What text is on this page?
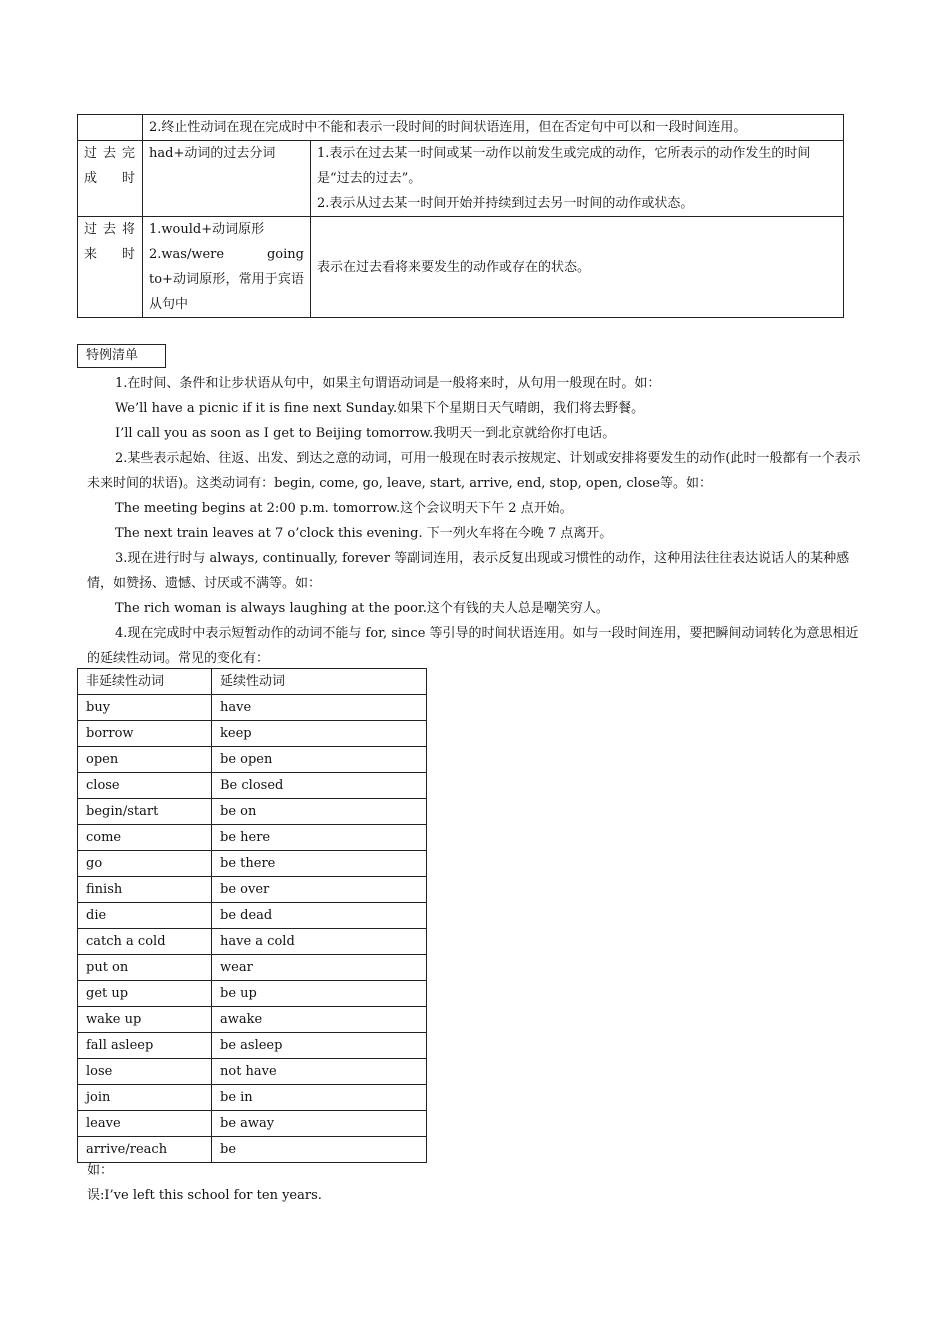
	2.终止性动词在现在完成时中不能和表示一段时间的时间状语连用，但在否定句中可以和一段时间连用。	

过去完成时	had+动词的过去分词	1.表示在过去某一时间或某一动作以前发生或完成的动作，它所表示的动作发生的时间是“过去的过去”。
2.表示从过去某一时间开始并持续到过去另一时间的动作或状态。

过去将来时	1.would+动词原形
2.was/were going to+动词原形，常用于宾语从句中	表示在过去看将来要发生的动作或存在的状态。
特例清单
1.在时间、条件和让步状语从句中，如果主句谓语动词是一般将来时，从句用一般现在时。如：
We’ll have a picnic if it is fine next Sunday.如果下个星期日天气晴朗，我们将去野餐。
I’ll call you as soon as I get to Beijing tomorrow.我明天一到北京就给你打电话。
2.某些表示起始、往返、出发、到达之意的动词，可用一般现在时表示按规定、计划或安排将要发生的动作(此时一般都有一个表示未来时间的状语)。这类动词有：begin, come, go, leave, start, arrive, end, stop, open, close等。如：
The meeting begins at 2:00 p.m. tomorrow.这个会议明天下午 2 点开始。
The next train leaves at 7 o’clock this evening. 下一列火车将在今晚 7 点离开。
3.现在进行时与 always, continually, forever 等副词连用，表示反复出现或习惯性的动作，这种用法往往表达说话人的某种感情，如赞扬、遗憾、讨厌或不满等。如：
The rich woman is always laughing at the poor.这个有钱的夫人总是嘲笑穷人。
4.现在完成时中表示短暂动作的动词不能与 for, since 等引导的时间状语连用。如与一段时间连用，要把瞬间动词转化为意思相近的延续性动词。常见的变化有：
非延续性动词	延续性动词
buy	have
borrow	keep
open	be open
close	Be closed
begin/start	be on
come	be here
go	be there
finish	be over
die	be dead
catch a cold	have a cold
put on	wear
get up	be up
wake up	awake
fall asleep	be asleep
lose	not have
join	be in
leave	be away
arrive/reach	be
如：
误:I’ve left this school for ten years.
